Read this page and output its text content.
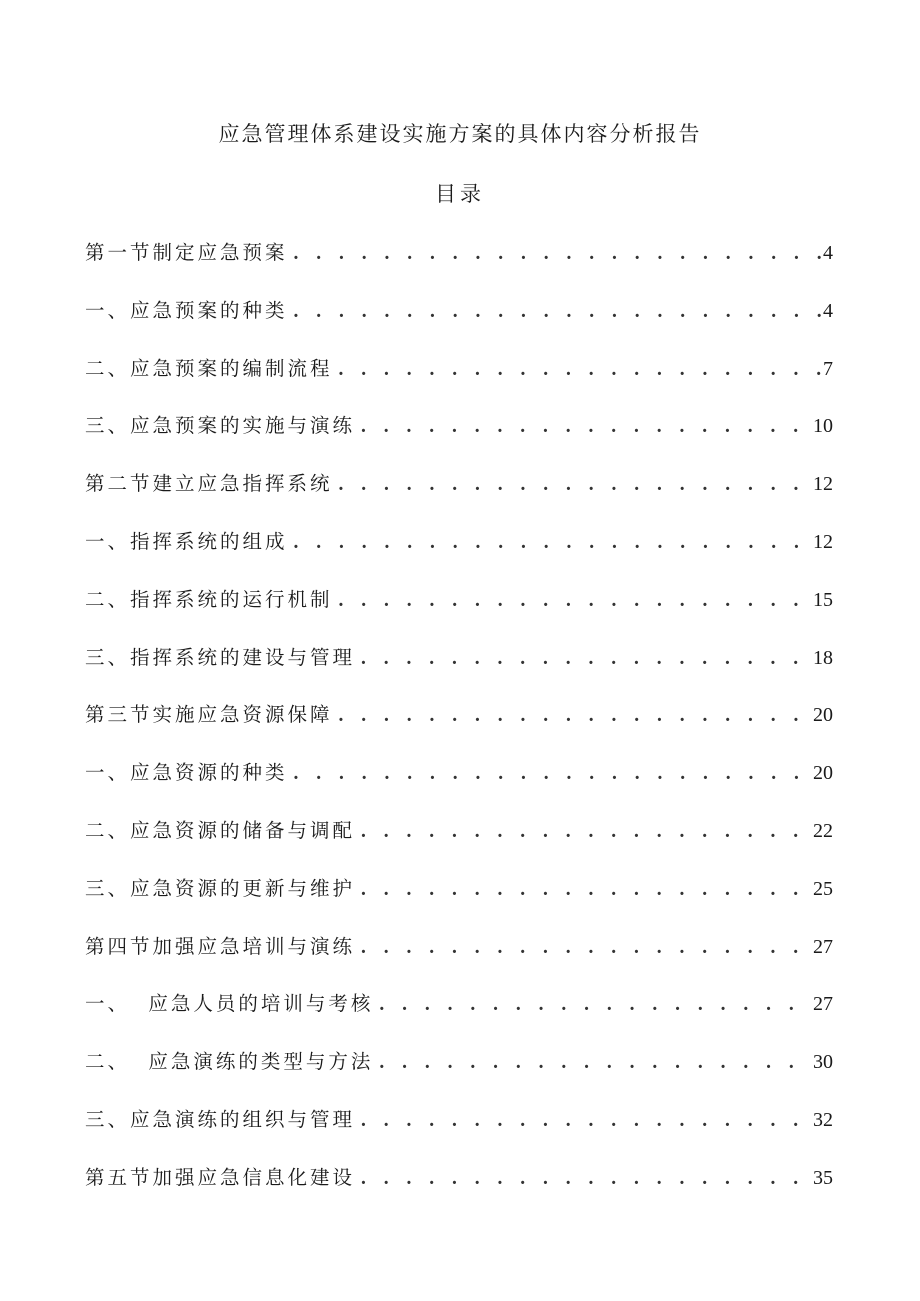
应急管理体系建设实施方案的具体内容分析报告
目录
第一节制定应急预案 . . .	4
一、应急预案的种类 . . .	4
二、应急预案的编制流程 . . .	7
三、应急预案的实施与演练 . . .	10
第二节建立应急指挥系统 . . .	12
一、指挥系统的组成 . . .	12
二、指挥系统的运行机制 . . .	15
三、指挥系统的建设与管理 . . .	18
第三节实施应急资源保障 . . .	20
一、应急资源的种类 . . .	20
二、应急资源的储备与调配 . . .	22
三、应急资源的更新与维护 . . .	25
第四节加强应急培训与演练 . . .	27
一、  应急人员的培训与考核 . . .	27
二、  应急演练的类型与方法 . . .	30
三、应急演练的组织与管理 . . .	32
第五节加强应急信息化建设 . . .	35
